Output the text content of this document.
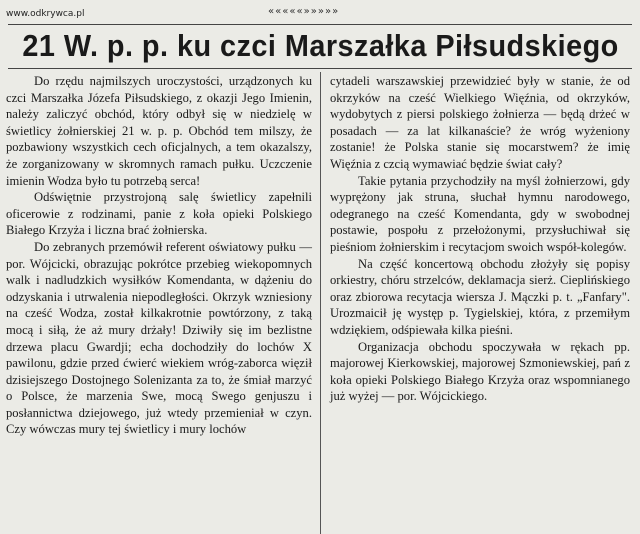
www.odkrywca.pl	«««««»»»»»
21 W. p. p. ku czci Marszałka Piłsudskiego

Do rzędu najmilszych uroczystości, urządzonych ku czci Marszałka Józefa Piłsudskiego, z okazji Jego Imienin, należy zaliczyć obchód, który odbył się w niedzielę w świetlicy żołnierskiej 21 w. p. p. Obchód tem milszy, że pozbawiony wszystkich cech oficjalnych, a tem okazalszy, że zorganizowany w skromnych ramach pułku. Uczczenie imienin Wodza było tu potrzebą serca!

Odświętnie przystrojoną salę świetlicy zapełnili oficerowie z rodzinami, panie z koła opieki Polskiego Białego Krzyża i liczna brać żołnierska.

Do zebranych przemówił referent oświatowy pułku — por. Wójcicki, obrazując pokrótce przebieg wiekopomnych walk i nadludzkich wysiłków Komendanta, w dążeniu do odzyskania i utrwalenia niepodległości. Okrzyk wzniesiony na cześć Wodza, został kilkakrotnie powtórzony, z taką mocą i siłą, że aż mury drżały! Dziwiły się im bezlistne drzewa placu Gwardji; echa dochodziły do lochów X pawilonu, gdzie przed ćwierć wiekiem wróg-zaborca więził dzisiejszego Dostojnego Solenizanta za to, że śmiał marzyć o Polsce, że marzenia Swe, mocą Swego genjuszu i posłannictwa dziejowego, już wtedy przemieniał w czyn. Czy wówczas mury tej świetlicy i mury lochów

cytadeli warszawskiej przewidzieć były w stanie, że od okrzyków na cześć Wielkiego Więźnia, od okrzyków, wydobytych z piersi polskiego żołnierza — będą drżeć w posadach — za lat kilkanaście? że wróg wyżeniony zostanie! że Polska stanie się mocarstwem? że imię Więźnia z czcią wymawiać będzie świat cały?

Takie pytania przychodziły na myśl żołnierzowi, gdy wyprężony jak struna, słuchał hymnu narodowego, odegranego na cześć Komendanta, gdy w swobodnej postawie, pospołu z przełożonymi, przysłuchiwał się pieśniom żołnierskim i recytacjom swoich współ-kolegów.

Na część koncertową obchodu złożyły się popisy orkiestry, chóru strzelców, deklamacja sierż. Cieplińskiego oraz zbiorowa recytacja wiersza J. Mączki p. t. „Fanfary". Urozmaicił ję występ p. Tygielskiej, która, z przemiłym wdziękiem, odśpiewała kilka pieśni.

Organizacja obchodu spoczywała w rękach pp. majorowej Kierkowskiej, majorowej Szmoniewskiej, pań z koła opieki Polskiego Białego Krzyża oraz wspomnianego już wyżej — por. Wójcickiego.
